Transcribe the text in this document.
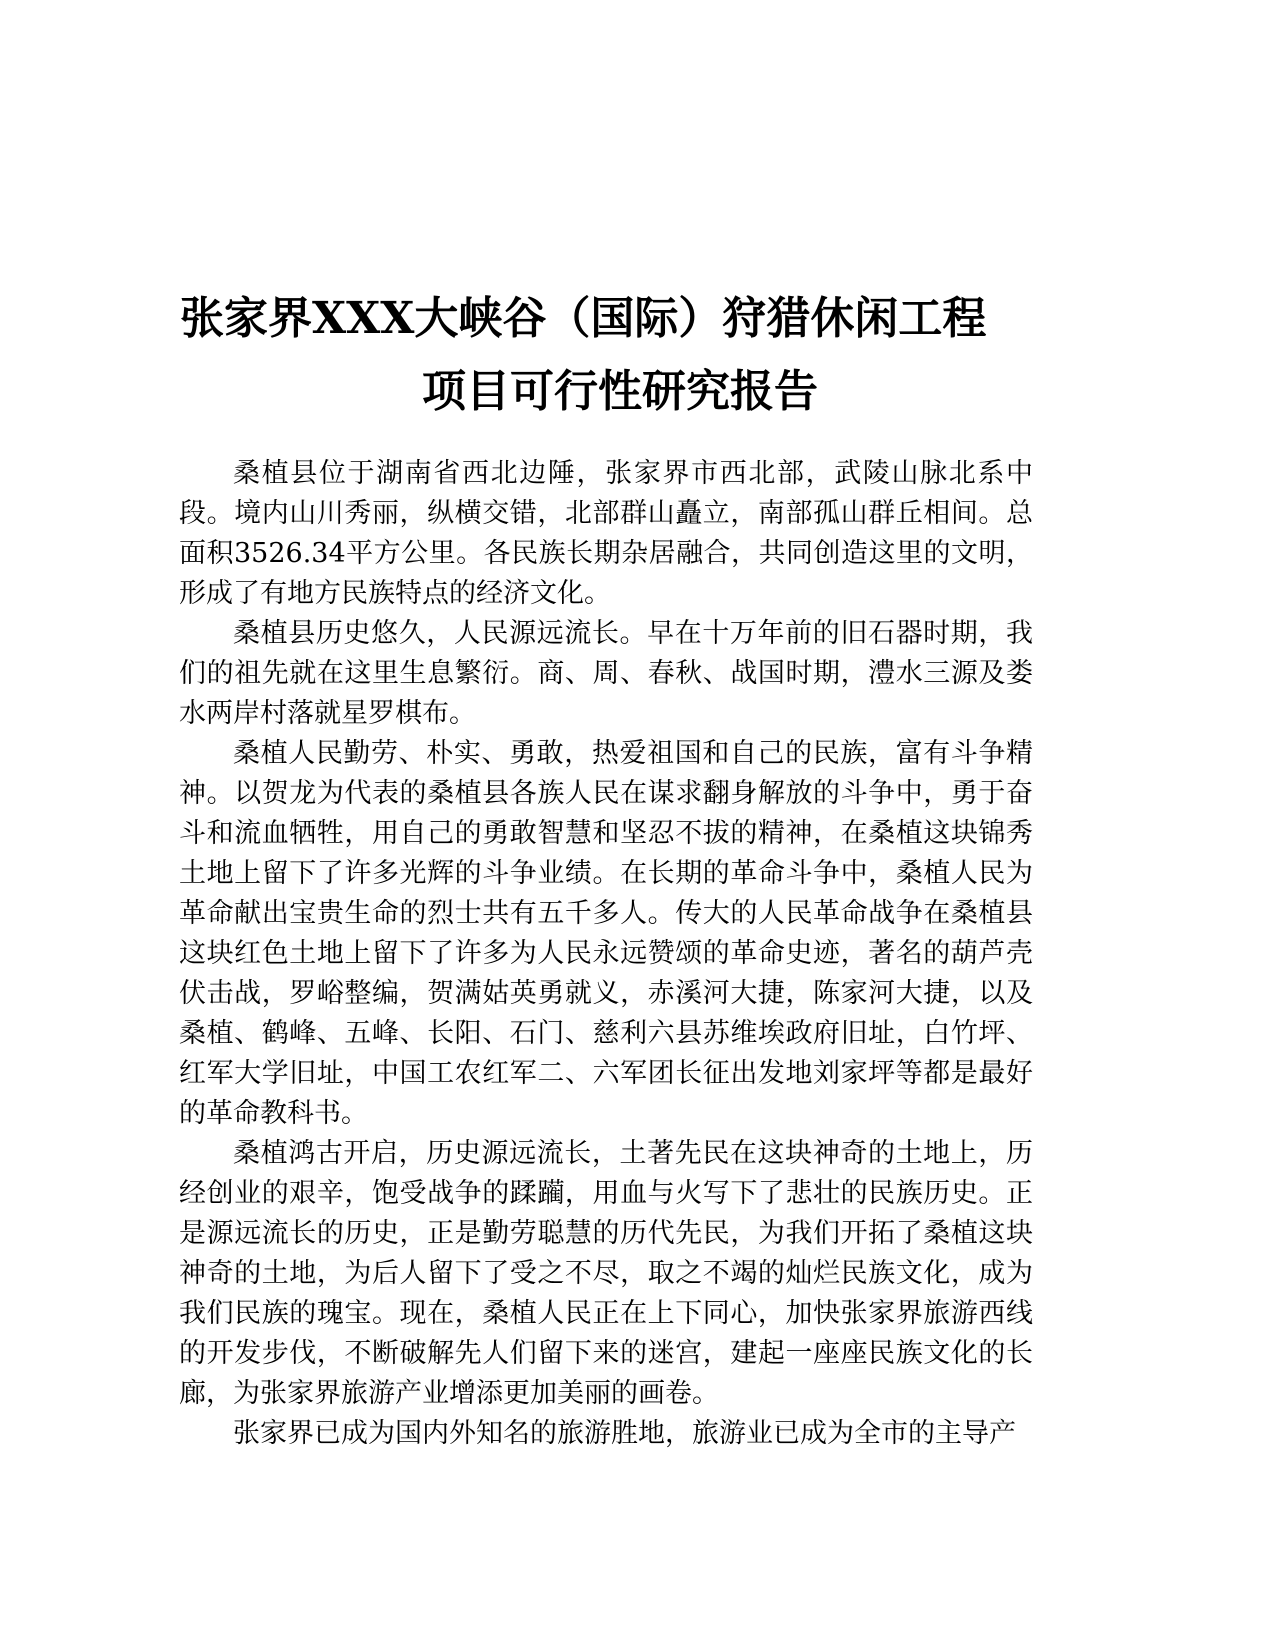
张家界XXX大峡谷（国际）狩猎休闲工程
项目可行性研究报告

桑植县位于湖南省西北边陲，张家界市西北部，武陵山脉北系中段。境内山川秀丽，纵横交错，北部群山矗立，南部孤山群丘相间。总面积3526.34平方公里。各民族长期杂居融合，共同创造这里的文明，形成了有地方民族特点的经济文化。

桑植县历史悠久，人民源远流长。早在十万年前的旧石器时期，我们的祖先就在这里生息繁衍。商、周、春秋、战国时期，澧水三源及娄水两岸村落就星罗棋布。

桑植人民勤劳、朴实、勇敢，热爱祖国和自己的民族，富有斗争精神。以贺龙为代表的桑植县各族人民在谋求翻身解放的斗争中，勇于奋斗和流血牺牲，用自己的勇敢智慧和坚忍不拔的精神，在桑植这块锦秀土地上留下了许多光辉的斗争业绩。在长期的革命斗争中，桑植人民为革命献出宝贵生命的烈士共有五千多人。传大的人民革命战争在桑植县这块红色土地上留下了许多为人民永远赞颂的革命史迹，著名的葫芦壳伏击战，罗峪整编，贺满姑英勇就义，赤溪河大捷，陈家河大捷，以及桑植、鹤峰、五峰、长阳、石门、慈利六县苏维埃政府旧址，白竹坪、红军大学旧址，中国工农红军二、六军团长征出发地刘家坪等都是最好的革命教科书。

桑植鸿古开启，历史源远流长，土著先民在这块神奇的土地上，历经创业的艰辛，饱受战争的蹂躏，用血与火写下了悲壮的民族历史。正是源远流长的历史，正是勤劳聪慧的历代先民，为我们开拓了桑植这块神奇的土地，为后人留下了受之不尽，取之不竭的灿烂民族文化，成为我们民族的瑰宝。现在，桑植人民正在上下同心，加快张家界旅游西线的开发步伐，不断破解先人们留下来的迷宫，建起一座座民族文化的长廊，为张家界旅游产业增添更加美丽的画卷。

张家界已成为国内外知名的旅游胜地，旅游业已成为全市的主导产
